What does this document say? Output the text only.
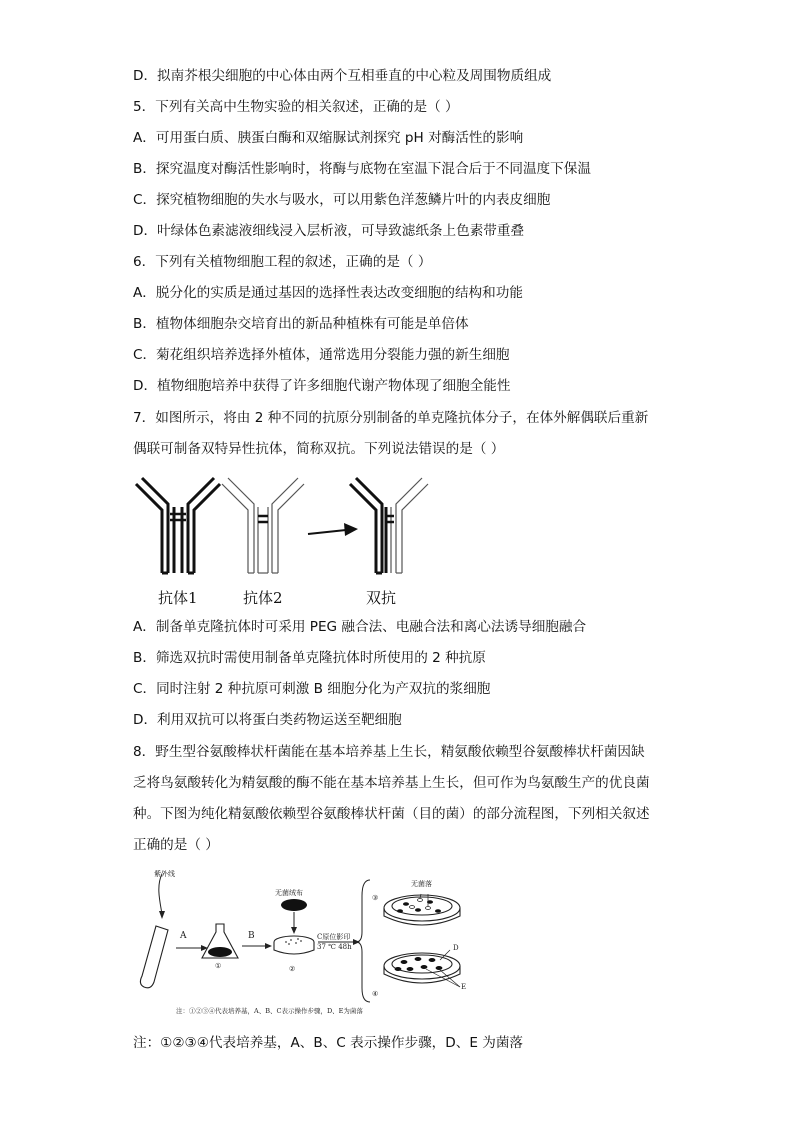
D．拟南芥根尖细胞的中心体由两个互相垂直的中心粒及周围物质组成
5．下列有关高中生物实验的相关叙述，正确的是（ ）
A．可用蛋白质、胰蛋白酶和双缩脲试剂探究 pH 对酶活性的影响
B．探究温度对酶活性影响时，将酶与底物在室温下混合后于不同温度下保温
C．探究植物细胞的失水与吸水，可以用紫色洋葱鳞片叶的内表皮细胞
D．叶绿体色素滤液细线浸入层析液，可导致滤纸条上色素带重叠
6．下列有关植物细胞工程的叙述，正确的是（ ）
A．脱分化的实质是通过基因的选择性表达改变细胞的结构和功能
B．植物体细胞杂交培育出的新品种植株有可能是单倍体
C．菊花组织培养选择外植体，通常选用分裂能力强的新生细胞
D．植物细胞培养中获得了许多细胞代谢产物体现了细胞全能性
7．如图所示，将由 2 种不同的抗原分别制备的单克隆抗体分子，在体外解偶联后重新
偶联可制备双特异性抗体，简称双抗。下列说法错误的是（ ）
抗体1	抗体2	双抗
A．制备单克隆抗体时可采用 PEG 融合法、电融合法和离心法诱导细胞融合
B．筛选双抗时需使用制备单克隆抗体时所使用的 2 种抗原
C．同时注射 2 种抗原可刺激 B 细胞分化为产双抗的浆细胞
D．利用双抗可以将蛋白类药物运送至靶细胞
8．野生型谷氨酸棒状杆菌能在基本培养基上生长，精氨酸依赖型谷氨酸棒状杆菌因缺
乏将鸟氨酸转化为精氨酸的酶不能在基本培养基上生长，但可作为鸟氨酸生产的优良菌
种。下图为纯化精氨酸依赖型谷氨酸棒状杆菌（目的菌）的部分流程图，下列相关叙述
正确的是（ ）
紫外线
A	B
无菌绒布
C原位影印
37 ℃ 48h
无菌落
①	②
③
④
D
E
注：①②③④代表培养基，A、B、C表示操作步骤，D、E为菌落
注：①②③④代表培养基，A、B、C 表示操作步骤，D、E 为菌落
